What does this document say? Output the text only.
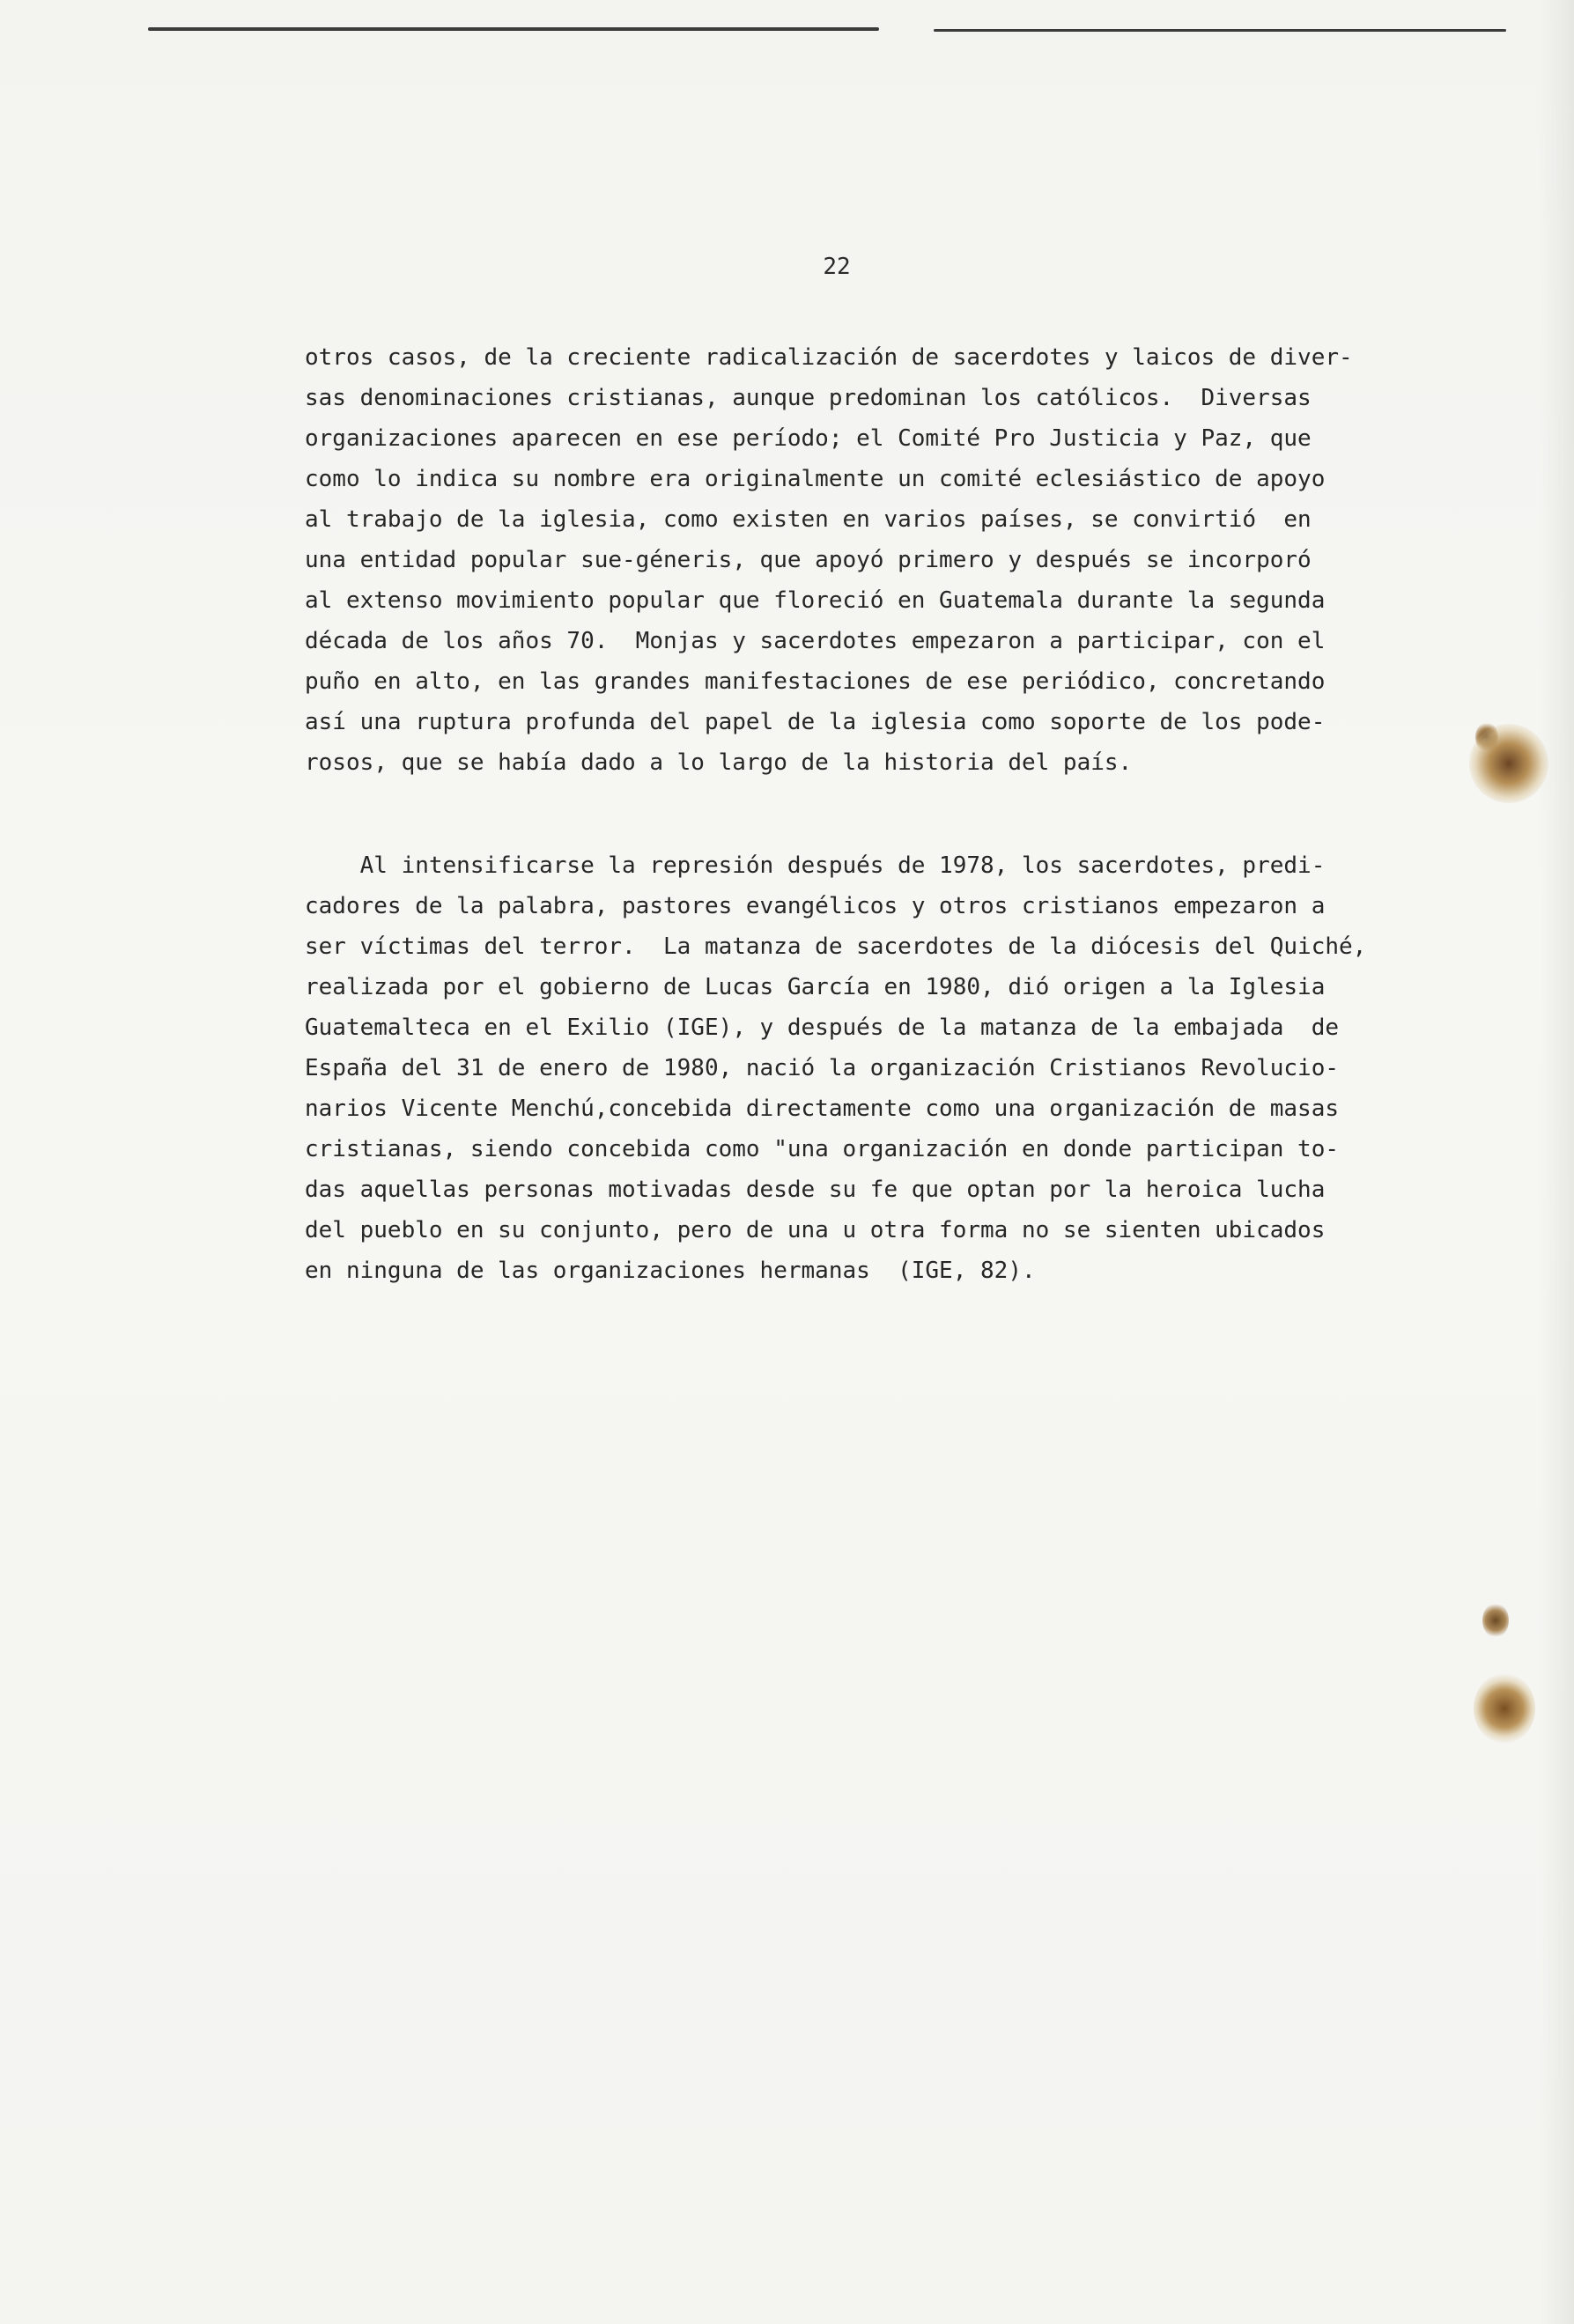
22
otros casos, de la creciente radicalización de sacerdotes y laicos de diver-
sas denominaciones cristianas, aunque predominan los católicos.  Diversas
organizaciones aparecen en ese período; el Comité Pro Justicia y Paz, que
como lo indica su nombre era originalmente un comité eclesiástico de apoyo
al trabajo de la iglesia, como existen en varios países, se convirtió  en
una entidad popular sue-géneris, que apoyó primero y después se incorporó
al extenso movimiento popular que floreció en Guatemala durante la segunda
década de los años 70.  Monjas y sacerdotes empezaron a participar, con el
puño en alto, en las grandes manifestaciones de ese periódico, concretando
así una ruptura profunda del papel de la iglesia como soporte de los pode-
rosos, que se había dado a lo largo de la historia del país.
Al intensificarse la represión después de 1978, los sacerdotes, predi-
cadores de la palabra, pastores evangélicos y otros cristianos empezaron a
ser víctimas del terror.  La matanza de sacerdotes de la diócesis del Quiché,
realizada por el gobierno de Lucas García en 1980, dió origen a la Iglesia
Guatemalteca en el Exilio (IGE), y después de la matanza de la embajada  de
España del 31 de enero de 1980, nació la organización Cristianos Revolucio-
narios Vicente Menchú,concebida directamente como una organización de masas
cristianas, siendo concebida como "una organización en donde participan to-
das aquellas personas motivadas desde su fe que optan por la heroica lucha
del pueblo en su conjunto, pero de una u otra forma no se sienten ubicados
en ninguna de las organizaciones hermanas  (IGE, 82).
